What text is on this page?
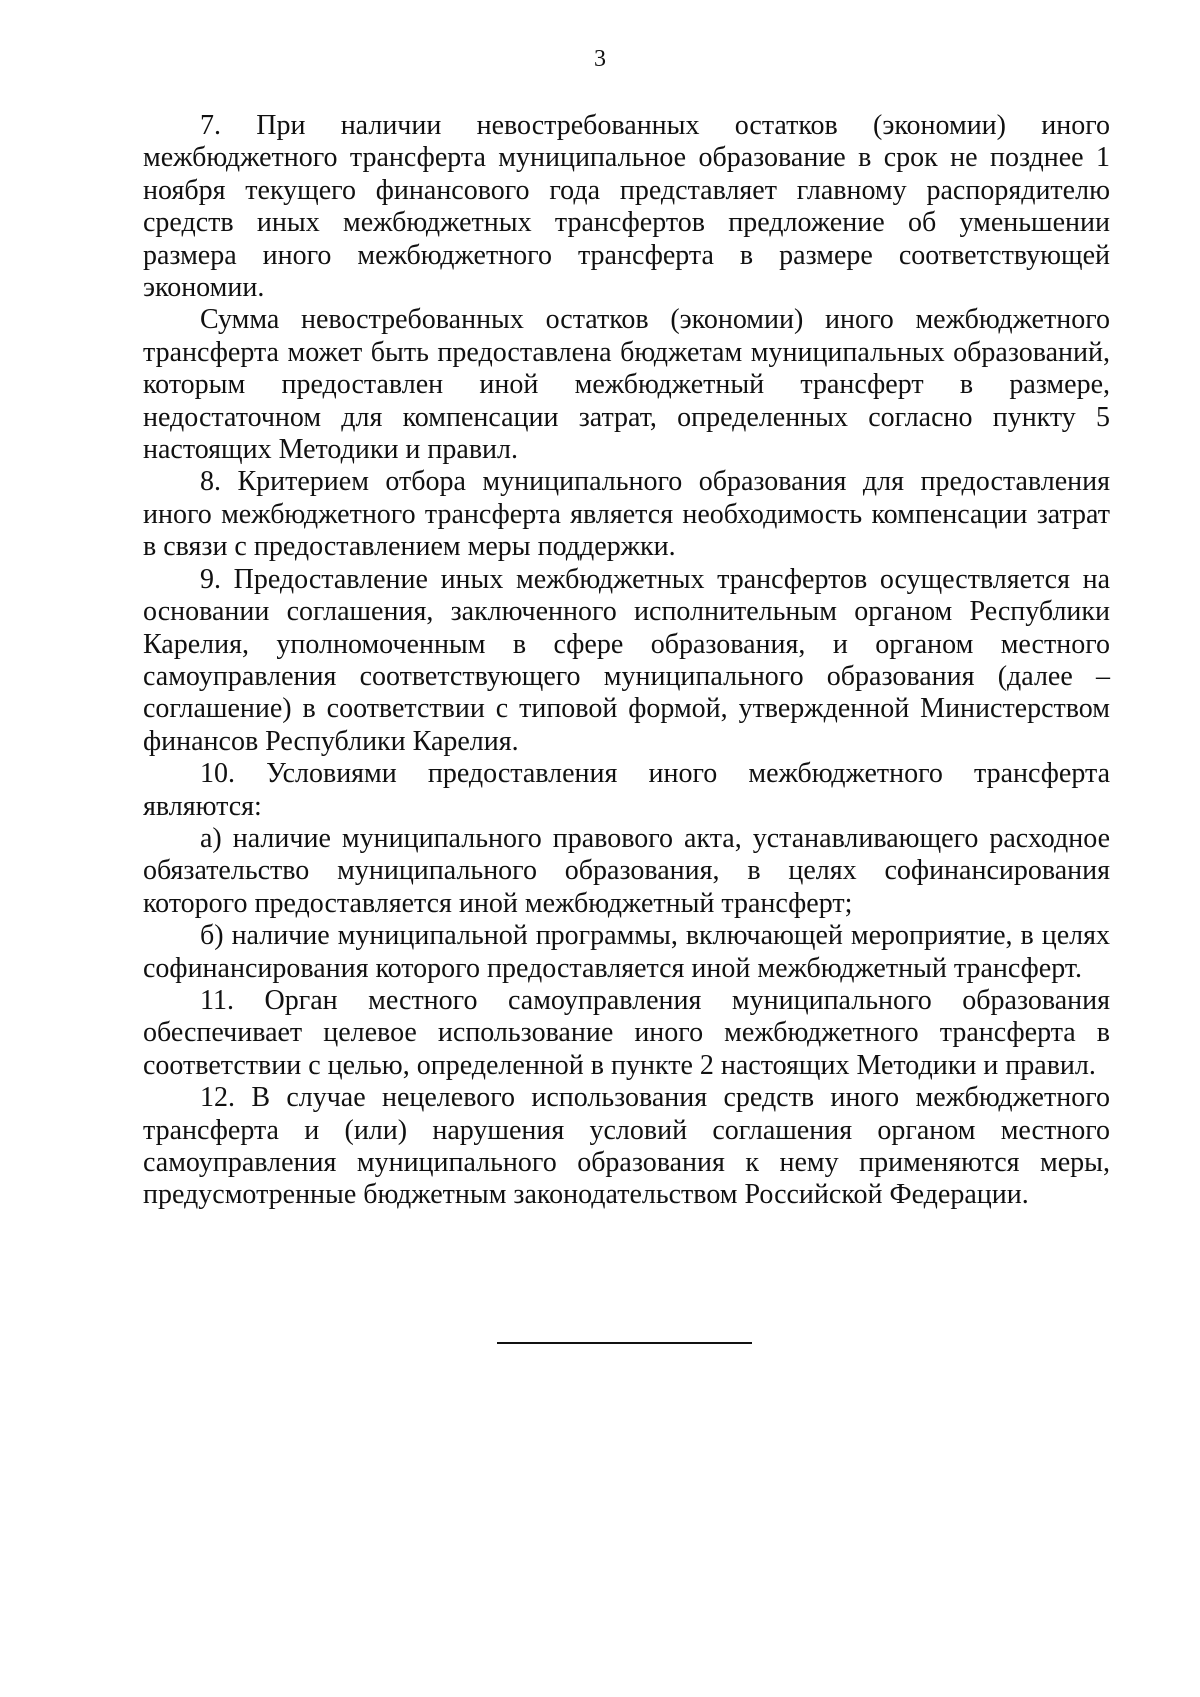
3

7. При наличии невостребованных остатков (экономии) иного межбюджетного трансферта муниципальное образование в срок не позднее 1 ноября текущего финансового года представляет главному распорядителю средств иных межбюджетных трансфертов предложение об уменьшении размера иного межбюджетного трансферта в размере соответствующей экономии.

Сумма невостребованных остатков (экономии) иного межбюджетного трансферта может быть предоставлена бюджетам муниципальных образований, которым предоставлен иной межбюджетный трансферт в размере, недостаточном для компенсации затрат, определенных согласно пункту 5 настоящих Методики и правил.

8. Критерием отбора муниципального образования для предоставления иного межбюджетного трансферта является необходимость компенсации затрат в связи с предоставлением меры поддержки.

9. Предоставление иных межбюджетных трансфертов осуществляется на основании соглашения, заключенного исполнительным органом Республики Карелия, уполномоченным в сфере образования, и органом местного самоуправления соответствующего муниципального образования (далее – соглашение) в соответствии с типовой формой, утвержденной Министерством финансов Республики Карелия.

10. Условиями предоставления иного межбюджетного трансферта являются:

а) наличие муниципального правового акта, устанавливающего расходное обязательство муниципального образования, в целях софинансирования которого предоставляется иной межбюджетный трансферт;

б) наличие муниципальной программы, включающей мероприятие, в целях софинансирования которого предоставляется иной межбюджетный трансферт.

11. Орган местного самоуправления муниципального образования обеспечивает целевое использование иного межбюджетного трансферта в соответствии с целью, определенной в пункте 2 настоящих Методики и правил.

12. В случае нецелевого использования средств иного межбюджетного трансферта и (или) нарушения условий соглашения органом местного самоуправления муниципального образования к нему применяются меры, предусмотренные бюджетным законодательством Российской Федерации.
